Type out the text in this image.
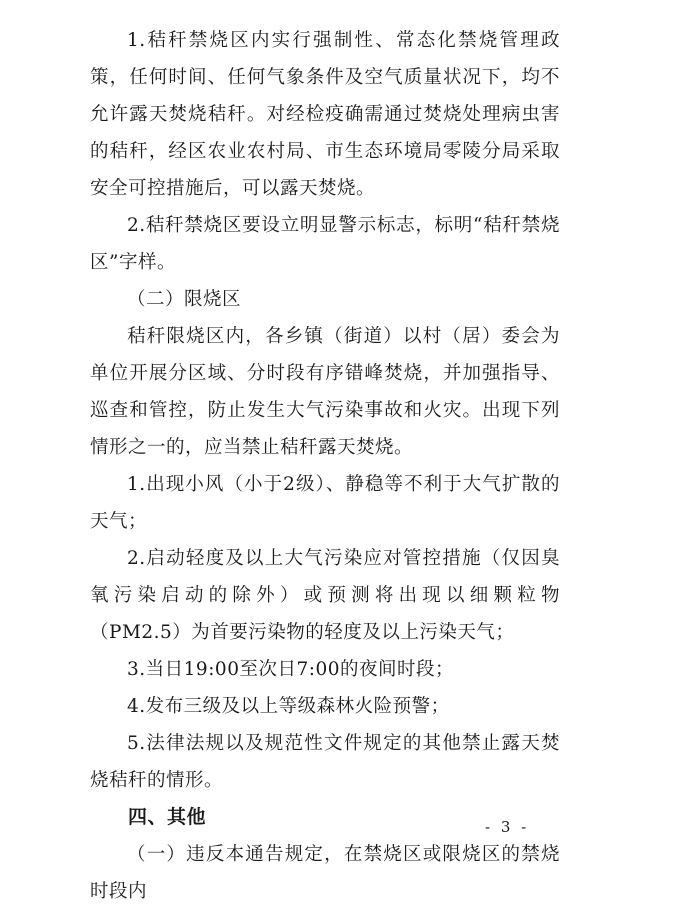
1.秸秆禁烧区内实行强制性、常态化禁烧管理政策，任何时间、任何气象条件及空气质量状况下，均不允许露天焚烧秸秆。对经检疫确需通过焚烧处理病虫害的秸秆，经区农业农村局、市生态环境局零陵分局采取安全可控措施后，可以露天焚烧。

2.秸秆禁烧区要设立明显警示标志，标明“秸秆禁烧区”字样。

（二）限烧区

秸秆限烧区内，各乡镇（街道）以村（居）委会为单位开展分区域、分时段有序错峰焚烧，并加强指导、巡查和管控，防止发生大气污染事故和火灾。出现下列情形之一的，应当禁止秸秆露天焚烧。

1.出现小风（小于2级）、静稳等不利于大气扩散的天气；

2.启动轻度及以上大气污染应对管控措施（仅因臭氧污染启动的除外）或预测将出现以细颗粒物（PM2.5）为首要污染物的轻度及以上污染天气；

3.当日19:00至次日7:00的夜间时段；

4.发布三级及以上等级森林火险预警；

5.法律法规以及规范性文件规定的其他禁止露天焚烧秸秆的情形。

四、其他

（一）违反本通告规定，在禁烧区或限烧区的禁烧时段内

- 3 -
